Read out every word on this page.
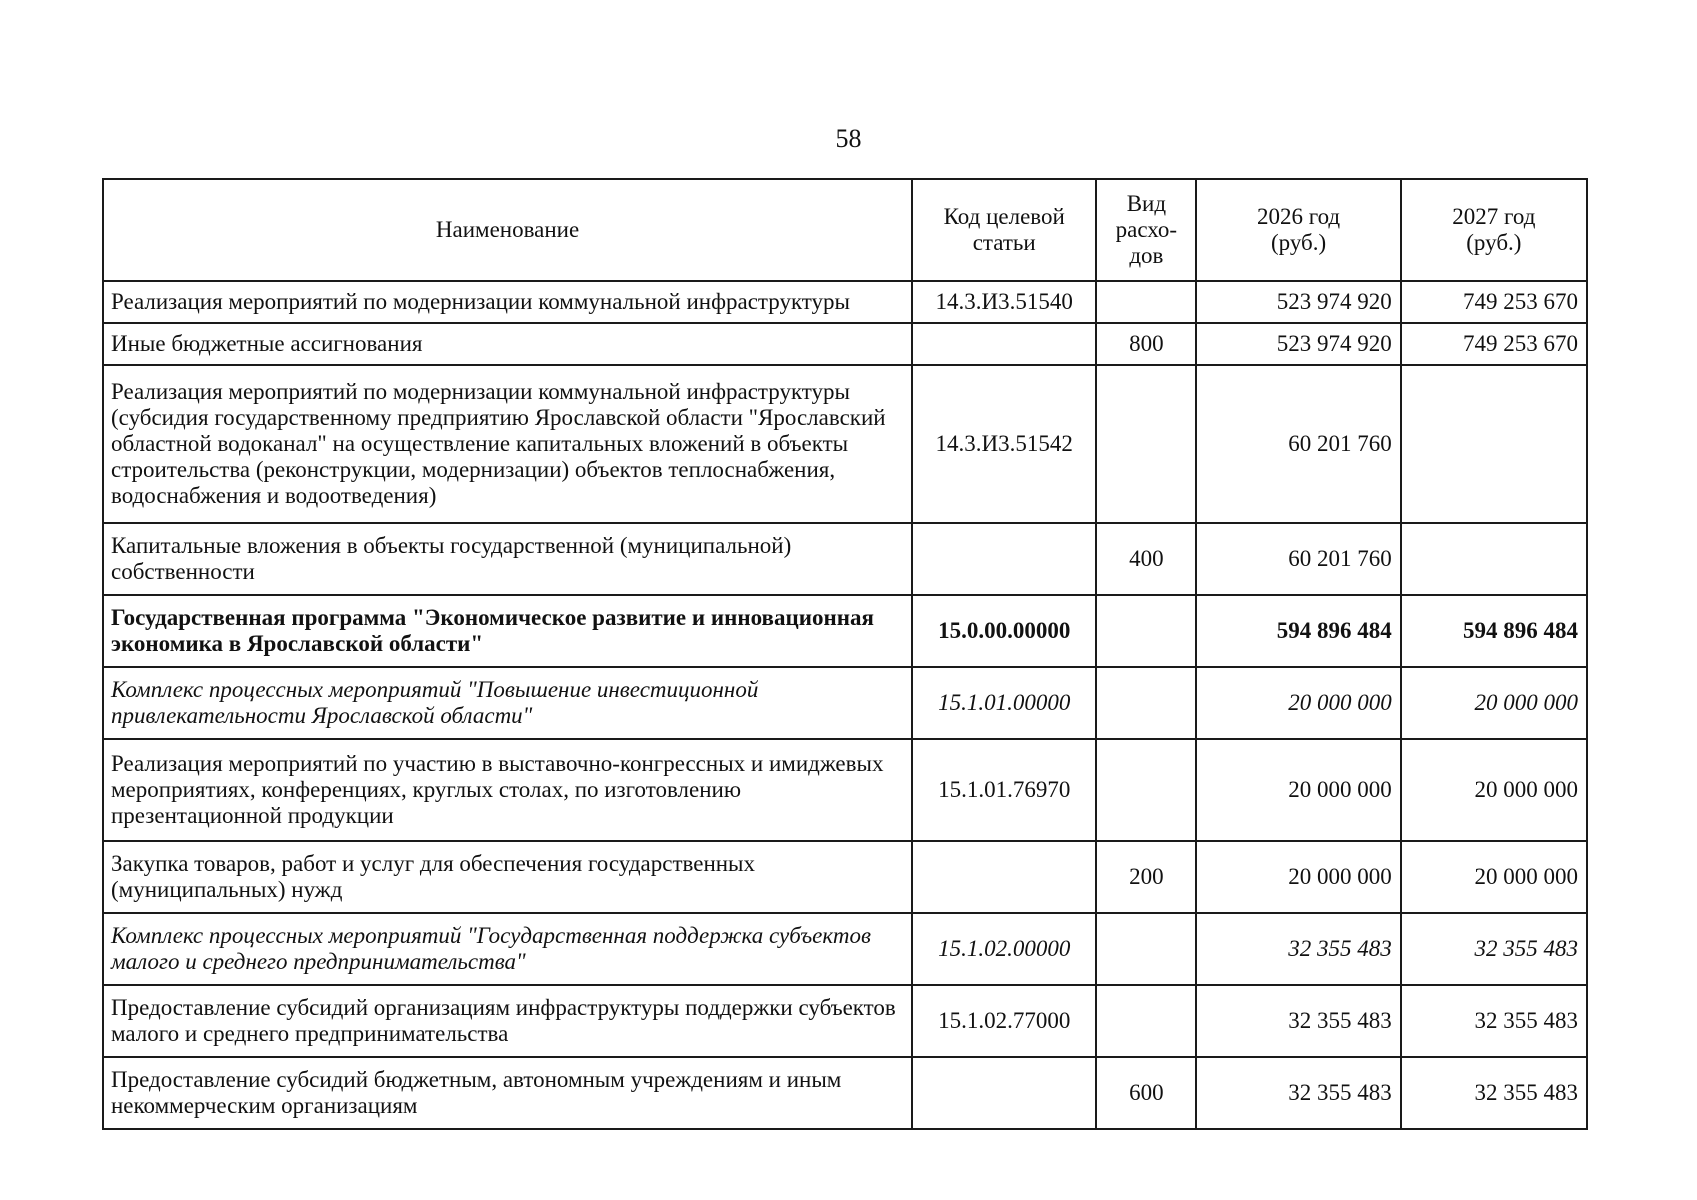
58
Наименование	Код целевой статьи	Вид расхо-дов	2026 год (руб.)	2027 год (руб.)
Реализация мероприятий по модернизации коммунальной инфраструктуры	14.3.И3.51540		523 974 920	749 253 670
Иные бюджетные ассигнования		800	523 974 920	749 253 670
Реализация мероприятий по модернизации коммунальной инфраструктуры (субсидия государственному предприятию Ярославской области "Ярославский областной водоканал" на осуществление капитальных вложений в объекты строительства (реконструкции, модернизации) объектов теплоснабжения, водоснабжения и водоотведения)	14.3.И3.51542		60 201 760	
Капитальные вложения в объекты государственной (муниципальной) собственности		400	60 201 760	
Государственная программа "Экономическое развитие и инновационная экономика в Ярославской области"	15.0.00.00000		594 896 484	594 896 484
Комплекс процессных мероприятий "Повышение инвестиционной привлекательности Ярославской области"	15.1.01.00000		20 000 000	20 000 000
Реализация мероприятий по участию в выставочно-конгрессных и имиджевых мероприятиях, конференциях, круглых столах, по изготовлению презентационной продукции	15.1.01.76970		20 000 000	20 000 000
Закупка товаров, работ и услуг для обеспечения государственных (муниципальных) нужд		200	20 000 000	20 000 000
Комплекс процессных мероприятий "Государственная поддержка субъектов малого и среднего предпринимательства"	15.1.02.00000		32 355 483	32 355 483
Предоставление субсидий организациям инфраструктуры поддержки субъектов малого и среднего предпринимательства	15.1.02.77000		32 355 483	32 355 483
Предоставление субсидий бюджетным, автономным учреждениям и иным некоммерческим организациям		600	32 355 483	32 355 483
